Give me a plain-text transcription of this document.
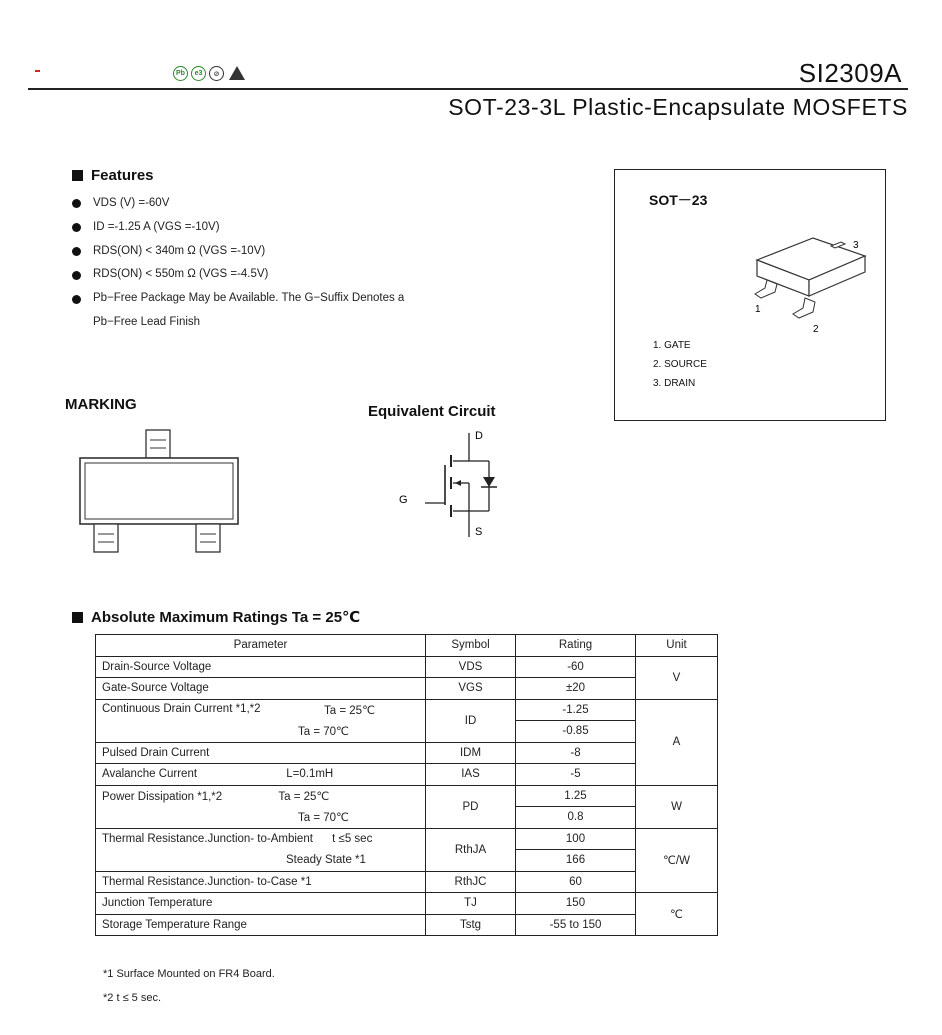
Pb	e3	⊘	SI2309A
SOT-23-3L Plastic-Encapsulate MOSFETS
Features
VDS (V) =-60V
ID =-1.25 A (VGS =-10V)
RDS(ON) < 340m Ω (VGS =-10V)
RDS(ON) < 550m Ω (VGS =-4.5V)
Pb−Free Package May be Available. The G−Suffix Denotes a
Pb−Free Lead Finish
SOT－23
3
1
2
1. GATE
2. SOURCE
3. DRAIN
MARKING	Equivalent Circuit
D
G
S
Absolute Maximum Ratings Ta = 25℃
Parameter	Symbol	Rating	Unit
Drain-Source Voltage	VDS	-60	V
Gate-Source Voltage	VGS	±20	

Continuous Drain Current *1,*2 Ta = 25℃	ID	-1.25	A
Ta = 70℃		-0.85	
Pulsed Drain Current	IDM	-8	
Avalanche Current L=0.1mH	IAS	-5	
Power Dissipation *1,*2 Ta = 25℃	PD	1.25	W
Ta = 70℃		0.8	
Thermal Resistance.Junction- to-Ambient t ≤5 sec	RthJA	100	℃/W
Steady State *1		166	
Thermal Resistance.Junction- to-Case *1	RthJC	60	
Junction Temperature	TJ	150	℃
Storage Temperature Range	Tstg	-55 to 150	
*1 Surface Mounted on FR4 Board.
*2 t ≤ 5 sec.
